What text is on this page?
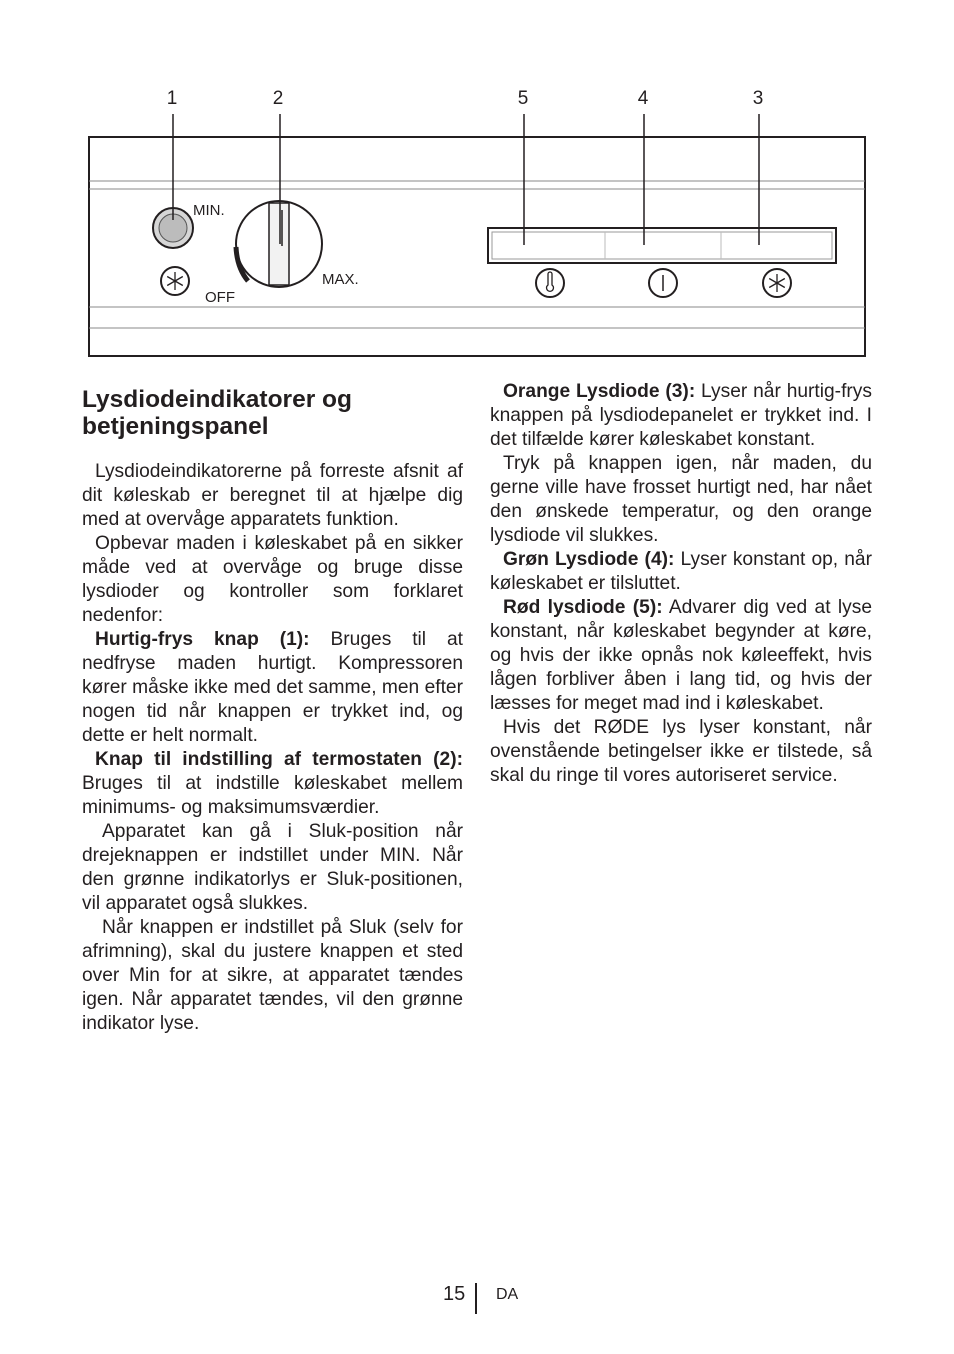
1	2	5	4	3
MIN.
OFF
MAX.
Lysdiodeindikatorer og betjeningspanel

Lysdiodeindikatorerne på forreste afsnit af dit køleskab er beregnet til at hjælpe dig med at overvåge apparatets funktion.

Opbevar maden i køleskabet på en sikker måde ved at overvåge og bruge disse lysdioder og kontroller som forklaret nedenfor:

Hurtig-frys knap (1): Bruges til at nedfryse maden hurtigt. Kompressoren kører måske ikke med det samme, men efter nogen tid når knappen er trykket ind, og dette er helt normalt.

Knap til indstilling af termostaten (2): Bruges til at indstille køleskabet mellem minimums- og maksimumsværdier.

Apparatet kan gå i Sluk-position når drejeknappen er indstillet under MIN. Når den grønne indikatorlys er Sluk-positionen, vil apparatet også slukkes.

Når knappen er indstillet på Sluk (selv for afrimning), skal du justere knappen et sted over Min for at sikre, at apparatet tændes igen. Når apparatet tændes, vil den grønne indikator lyse.

Orange Lysdiode (3): Lyser når hurtig-frys knappen på lysdiodepanelet er trykket ind. I det tilfælde kører køleskabet konstant.

Tryk på knappen igen, når maden, du gerne ville have frosset hurtigt ned, har nået den ønskede temperatur, og den orange lysdiode vil slukkes.

Grøn Lysdiode (4): Lyser konstant op, når køleskabet er tilsluttet.

Rød lysdiode (5): Advarer dig ved at lyse konstant, når køleskabet begynder at køre, og hvis der ikke opnås nok køleeffekt, hvis lågen forbliver åben i lang tid, og hvis der læsses for meget mad ind i køleskabet.

Hvis det RØDE lys lyser konstant, når ovenstående betingelser ikke er tilstede, så skal du ringe til vores autoriseret service.

15 DA
